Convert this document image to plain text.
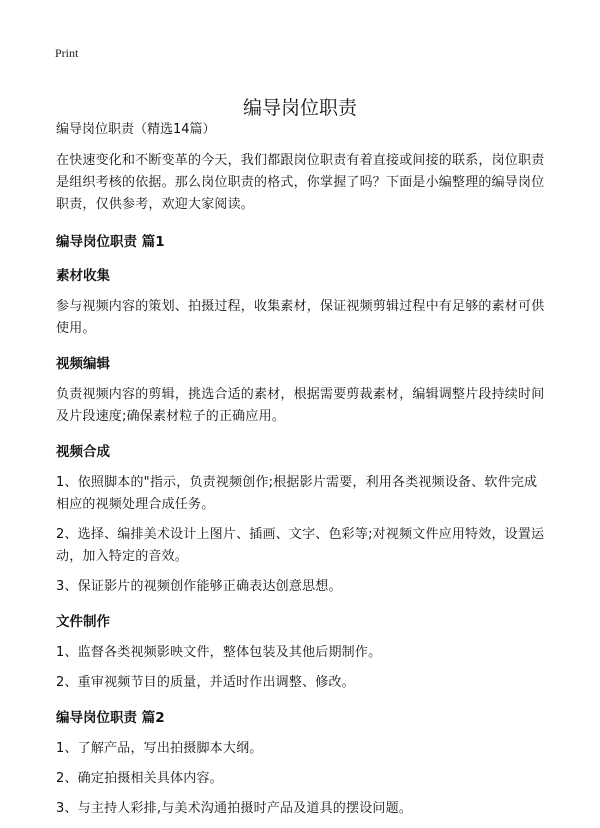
Print
编导岗位职责

编导岗位职责（精选14篇）

在快速变化和不断变革的今天，我们都跟岗位职责有着直接或间接的联系，岗位职责是组织考核的依据。那么岗位职责的格式，你掌握了吗？下面是小编整理的编导岗位职责，仅供参考，欢迎大家阅读。

编导岗位职责 篇1
素材收集

参与视频内容的策划、拍摄过程，收集素材，保证视频剪辑过程中有足够的素材可供使用。

视频编辑

负责视频内容的剪辑，挑选合适的素材，根据需要剪裁素材，编辑调整片段持续时间及片段速度;确保素材粒子的正确应用。

视频合成

1、依照脚本的"指示，负责视频创作;根据影片需要，利用各类视频设备、软件完成相应的视频处理合成任务。

2、选择、编排美术设计上图片、插画、文字、色彩等;对视频文件应用特效，设置运动，加入特定的音效。

3、保证影片的视频创作能够正确表达创意思想。

文件制作

1、监督各类视频影映文件，整体包装及其他后期制作。

2、重审视频节目的质量，并适时作出调整、修改。

编导岗位职责 篇2

1、了解产品，写出拍摄脚本大纲。

2、确定拍摄相关具体内容。

3、与主持人彩排,与美术沟通拍摄时产品及道具的摆设问题。
